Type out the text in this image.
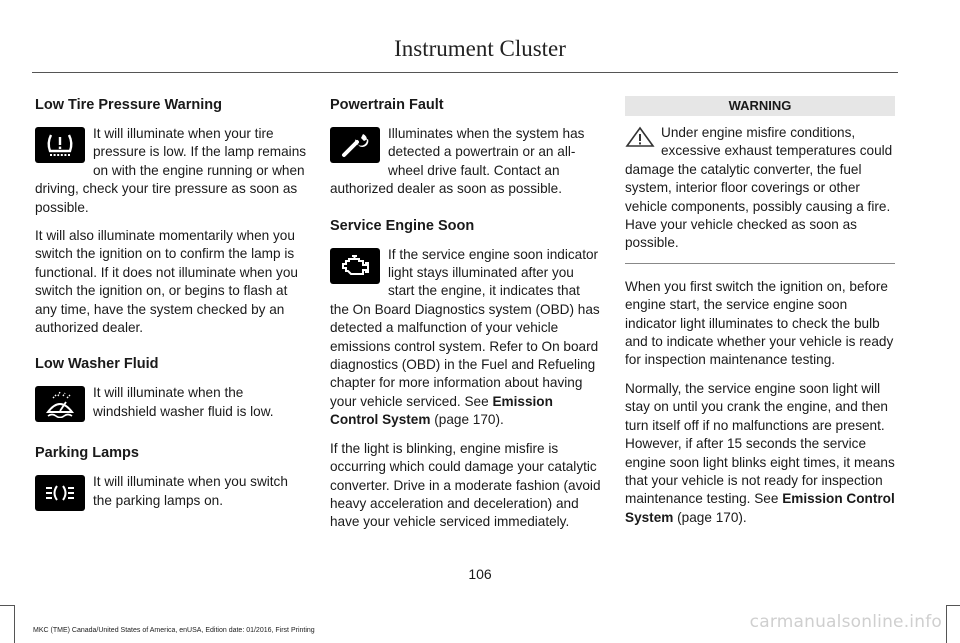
Instrument Cluster
Low Tire Pressure Warning

It will illuminate when your tire pressure is low. If the lamp remains on with the engine running or when driving, check your tire pressure as soon as possible.

It will also illuminate momentarily when you switch the ignition on to confirm the lamp is functional. If it does not illuminate when you switch the ignition on, or begins to flash at any time, have the system checked by an authorized dealer.

Low Washer Fluid

It will illuminate when the windshield washer fluid is low.

Parking Lamps

It will illuminate when you switch the parking lamps on.

Powertrain Fault

Illuminates when the system has detected a powertrain or an all-wheel drive fault. Contact an authorized dealer as soon as possible.

Service Engine Soon

If the service engine soon indicator light stays illuminated after you start the engine, it indicates that the On Board Diagnostics system (OBD) has detected a malfunction of your vehicle emissions control system. Refer to On board diagnostics (OBD) in the Fuel and Refueling chapter for more information about having your vehicle serviced. See Emission Control System (page 170).

If the light is blinking, engine misfire is occurring which could damage your catalytic converter. Drive in a moderate fashion (avoid heavy acceleration and deceleration) and have your vehicle serviced immediately.

WARNING

Under engine misfire conditions, excessive exhaust temperatures could damage the catalytic converter, the fuel system, interior floor coverings or other vehicle components, possibly causing a fire. Have your vehicle checked as soon as possible.

When you first switch the ignition on, before engine start, the service engine soon indicator light illuminates to check the bulb and to indicate whether your vehicle is ready for inspection maintenance testing.

Normally, the service engine soon light will stay on until you crank the engine, and then turn itself off if no malfunctions are present. However, if after 15 seconds the service engine soon light blinks eight times, it means that your vehicle is not ready for inspection maintenance testing. See Emission Control System (page 170).

106
MKC (TME) Canada/United States of America, enUSA, Edition date: 01/2016, First Printing	carmanualsonline.info
